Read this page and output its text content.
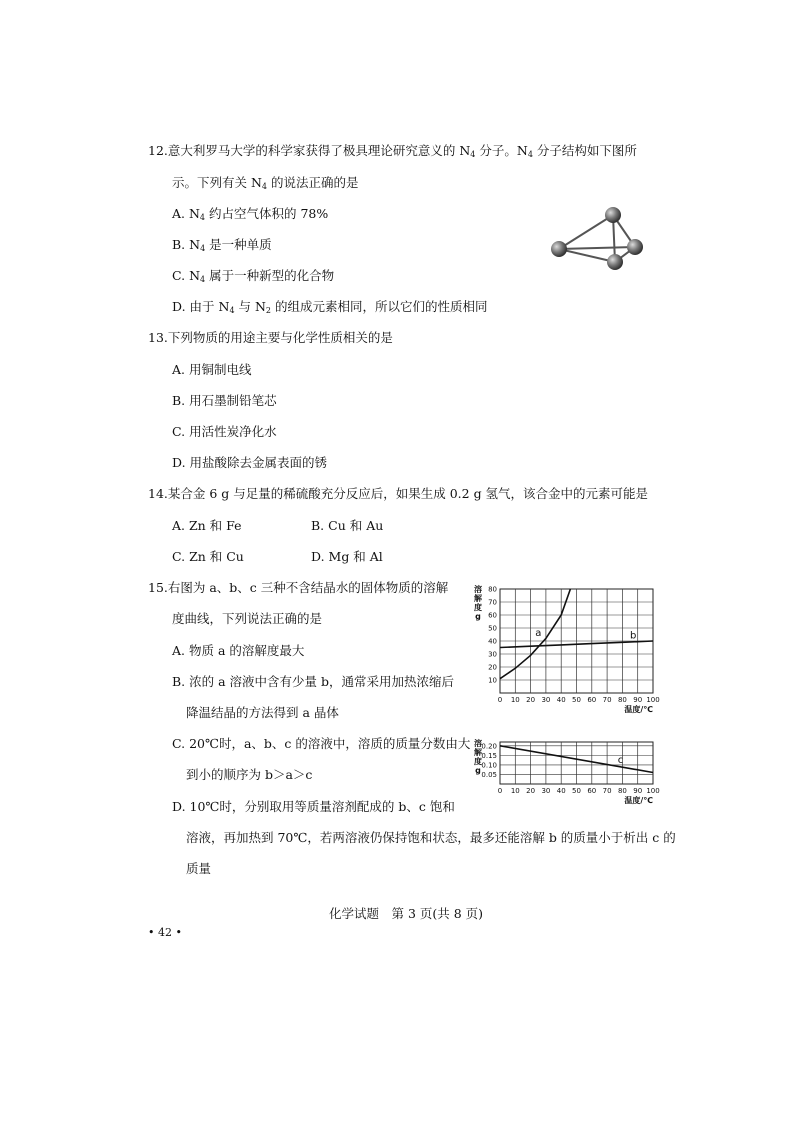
12.意大利罗马大学的科学家获得了极具理论研究意义的 $N_4$ 分子。$N_4$ 分子结构如下图所
示。下列有关 $N_4$ 的说法正确的是
A. $N_4$ 约占空气体积的 78%
B. $N_4$ 是一种单质
C. $N_4$ 属于一种新型的化合物
D. 由于 $N_4$ 与 $N_2$ 的组成元素相同，所以它们的性质相同
13.下列物质的用途主要与化学性质相关的是
A. 用铜制电线
B. 用石墨制铅笔芯
C. 用活性炭净化水
D. 用盐酸除去金属表面的锈
14.某合金 6 g 与足量的稀硫酸充分反应后，如果生成 0.2 g 氢气，该合金中的元素可能是
A. Zn 和 Fe	B. Cu 和 Au
C. Zn 和 Cu	D. Mg 和 Al
15.右图为 a、b、c 三种不含结晶水的固体物质的溶解
度曲线，下列说法正确的是
A. 物质 a 的溶解度最大
B. 浓的 a 溶液中含有少量 b，通常采用加热浓缩后
降温结晶的方法得到 a 晶体
C. 20℃时，a、b、c 的溶液中，溶质的质量分数由大
到小的顺序为 b＞a＞c
D. 10℃时，分别取用等质量溶剂配成的 b、c 饱和
溶液，再加热到 70℃，若两溶液仍保持饱和状态，最多还能溶解 b 的质量小于析出 c 的
质量
0 10 20 30 40 50 60 70 80 90 100
10
20
30
40
50
60
70
80
溶
解
度
g
温度/℃
a	b
0 10 20 30 40 50 60 70 80 90 100
0.05
0.10
0.15
0.20
溶
解
度
g
温度/℃
c
化学试题　第 3 页(共 8 页)
• 42 •
